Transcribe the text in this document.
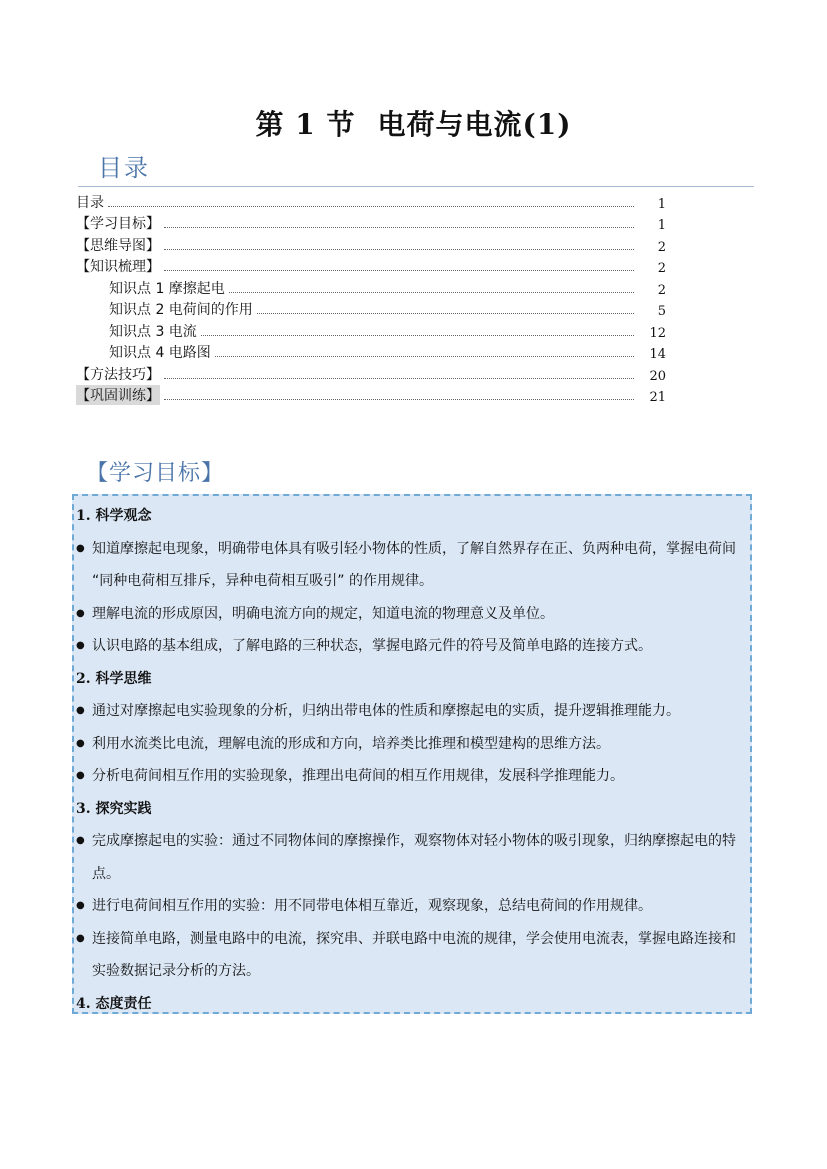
第 1 节 电荷与电流(1)
目录
目录	1
【学习目标】	1
【思维导图】	2
【知识梳理】	2
知识点 1 摩擦起电	2
知识点 2 电荷间的作用	5
知识点 3 电流	12
知识点 4 电路图	14
【方法技巧】	20
【巩固训练】	21
【学习目标】
1. 科学观念
● 知道摩擦起电现象，明确带电体具有吸引轻小物体的性质，了解自然界存在正、负两种电荷，掌握电荷间 “同种电荷相互排斥，异种电荷相互吸引” 的作用规律。
● 理解电流的形成原因，明确电流方向的规定，知道电流的物理意义及单位。
● 认识电路的基本组成，了解电路的三种状态，掌握电路元件的符号及简单电路的连接方式。
2. 科学思维
● 通过对摩擦起电实验现象的分析，归纳出带电体的性质和摩擦起电的实质，提升逻辑推理能力。
● 利用水流类比电流，理解电流的形成和方向，培养类比推理和模型建构的思维方法。
● 分析电荷间相互作用的实验现象，推理出电荷间的相互作用规律，发展科学推理能力。
3. 探究实践
● 完成摩擦起电的实验：通过不同物体间的摩擦操作，观察物体对轻小物体的吸引现象，归纳摩擦起电的特点。
● 进行电荷间相互作用的实验：用不同带电体相互靠近，观察现象，总结电荷间的作用规律。
● 连接简单电路，测量电路中的电流，探究串、并联电路中电流的规律，学会使用电流表，掌握电路连接和实验数据记录分析的方法。
4. 态度责任
